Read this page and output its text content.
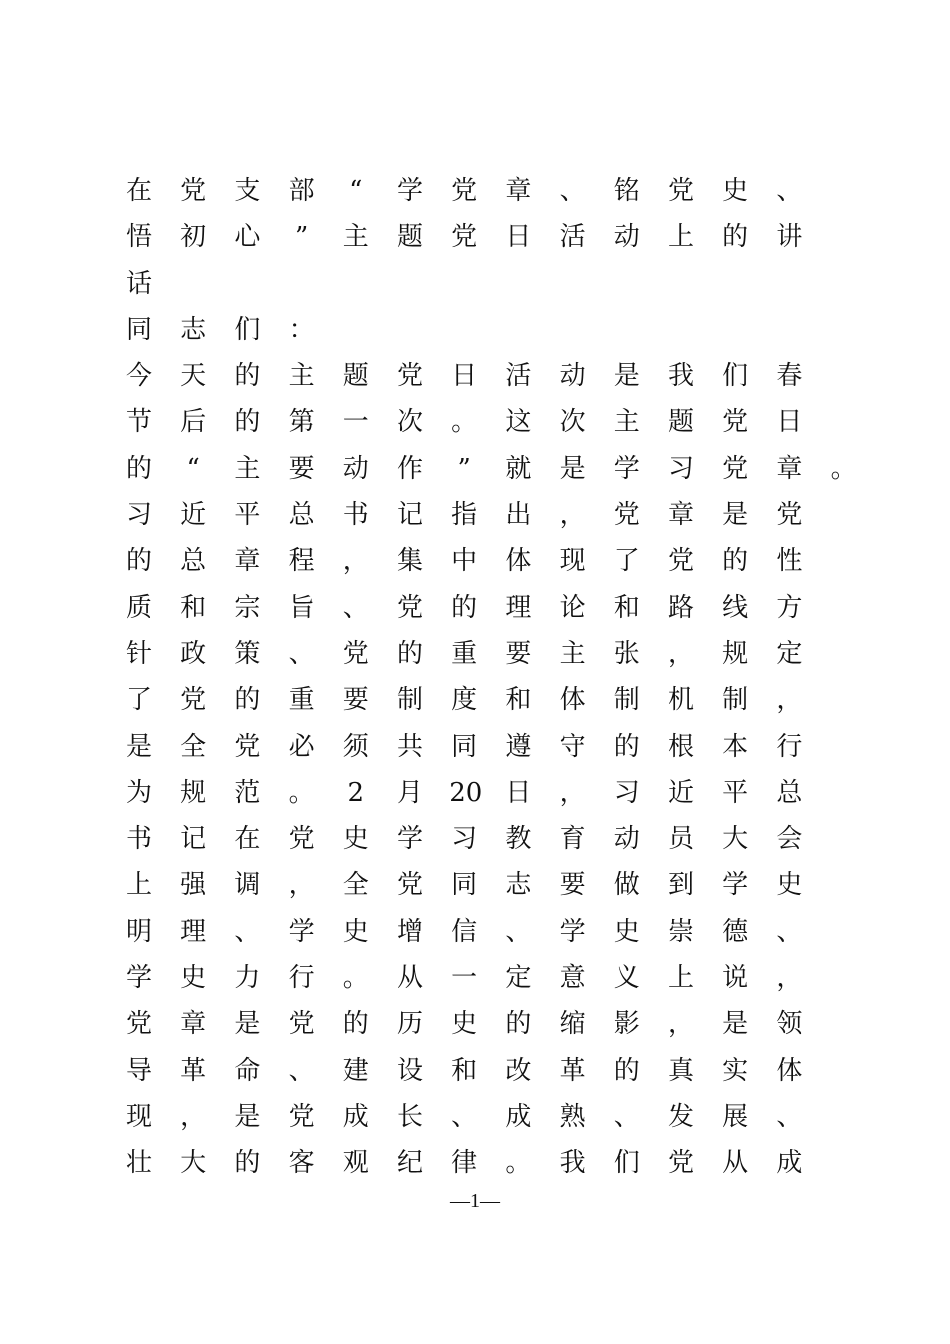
在 党 支 部	“	学 党 章 、 铭 党 史 、
悟 初 心	”	主 题 党 日 活 动 上 的 讲
话
同 志 们 ：
今 天 的 主 题 党 日 活 动 是 我 们 春
节 后 的 第 一 次 。 这 次 主 题 党 日
的	“	主 要 动 作	”	就 是 学 习 党 章 。
习 近 平 总 书 记 指 出 ， 党 章 是 党
的 总 章 程 ， 集 中 体 现 了 党 的 性
质 和 宗 旨 、 党 的 理 论 和 路 线 方
针 政 策 、 党 的 重 要 主 张 ， 规 定
了 党 的 重 要 制 度 和 体 制 机 制 ，
是 全 党 必 须 共 同 遵 守 的 根 本 行
为 规 范 。 2 月 20 日 ， 习 近 平 总
书 记 在 党 史 学 习 教 育 动 员 大 会
上 强 调 ， 全 党 同 志 要 做 到 学 史
明 理 、 学 史 增 信 、 学 史 崇 德 、
学 史 力 行 。 从 一 定 意 义 上 说 ，
党 章 是 党 的 历 史 的 缩 影 ， 是 领
导 革 命 、 建 设 和 改 革 的 真 实 体
现 ， 是 党 成 长 、 成 熟 、 发 展 、
壮 大 的 客 观 纪 律 。 我 们 党 从 成
—1—
